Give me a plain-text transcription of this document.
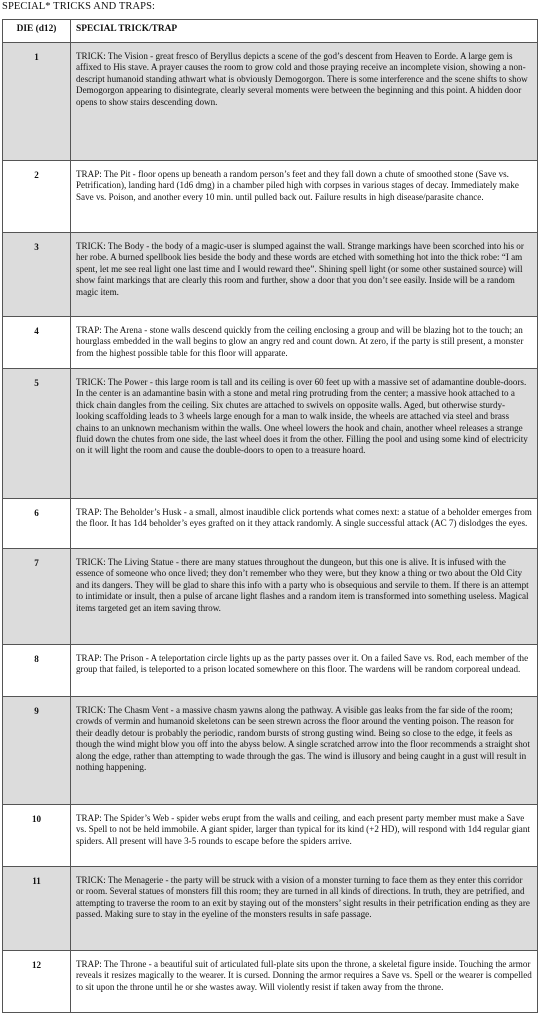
SPECIAL* TRICKS AND TRAPS:
DIE (d12)	SPECIAL TRICK/TRAP
1	TRICK: The Vision - great fresco of Beryllus depicts a scene of the god’s descent from Heaven to Eorde. A large gem is affixed to His stave. A prayer causes the room to grow cold and those praying receive an incomplete vision, showing a non-descript humanoid standing athwart what is obviously Demogorgon. There is some interference and the scene shifts to show Demogorgon appearing to disintegrate, clearly several moments were between the beginning and this point. A hidden door opens to show stairs descending down.
2	TRAP: The Pit - floor opens up beneath a random person’s feet and they fall down a chute of smoothed stone (Save vs. Petrification), landing hard (1d6 dmg) in a chamber piled high with corpses in various stages of decay. Immediately make Save vs. Poison, and another every 10 min. until pulled back out. Failure results in high disease/parasite chance.
3	TRICK: The Body - the body of a magic-user is slumped against the wall. Strange markings have been scorched into his or her robe. A burned spellbook lies beside the body and these words are etched with something hot into the thick robe: “I am spent, let me see real light one last time and I would reward thee”. Shining spell light (or some other sustained source) will show faint markings that are clearly this room and further, show a door that you don’t see easily. Inside will be a random magic item.
4	TRAP: The Arena - stone walls descend quickly from the ceiling enclosing a group and will be blazing hot to the touch; an hourglass embedded in the wall begins to glow an angry red and count down. At zero, if the party is still present, a monster from the highest possible table for this floor will apparate.
5	TRICK: The Power - this large room is tall and its ceiling is over 60 feet up with a massive set of adamantine double-doors. In the center is an adamantine basin with a stone and metal ring protruding from the center; a massive hook attached to a thick chain dangles from the ceiling. Six chutes are attached to swivels on opposite walls. Aged, but otherwise sturdy-looking scaffolding leads to 3 wheels large enough for a man to walk inside, the wheels are attached via steel and brass chains to an unknown mechanism within the walls. One wheel lowers the hook and chain, another wheel releases a strange fluid down the chutes from one side, the last wheel does it from the other. Filling the pool and using some kind of electricity on it will light the room and cause the double-doors to open to a treasure hoard.
6	TRAP: The Beholder’s Husk - a small, almost inaudible click portends what comes next: a statue of a beholder emerges from the floor. It has 1d4 beholder’s eyes grafted on it they attack randomly. A single successful attack (AC 7) dislodges the eyes.
7	TRICK: The Living Statue - there are many statues throughout the dungeon, but this one is alive. It is infused with the essence of someone who once lived; they don’t remember who they were, but they know a thing or two about the Old City and its dangers. They will be glad to share this info with a party who is obsequious and servile to them. If there is an attempt to intimidate or insult, then a pulse of arcane light flashes and a random item is transformed into something useless. Magical items targeted get an item saving throw.
8	TRAP: The Prison - A teleportation circle lights up as the party passes over it. On a failed Save vs. Rod, each member of the group that failed, is teleported to a prison located somewhere on this floor. The wardens will be random corporeal undead.
9	TRICK: The Chasm Vent - a massive chasm yawns along the pathway. A visible gas leaks from the far side of the room; crowds of vermin and humanoid skeletons can be seen strewn across the floor around the venting poison. The reason for their deadly detour is probably the periodic, random bursts of strong gusting wind. Being so close to the edge, it feels as though the wind might blow you off into the abyss below. A single scratched arrow into the floor recommends a straight shot along the edge, rather than attempting to wade through the gas. The wind is illusory and being caught in a gust will result in nothing happening.
10	TRAP: The Spider’s Web - spider webs erupt from the walls and ceiling, and each present party member must make a Save vs. Spell to not be held immobile. A giant spider, larger than typical for its kind (+2 HD), will respond with 1d4 regular giant spiders. All present will have 3-5 rounds to escape before the spiders arrive.
11	TRICK: The Menagerie - the party will be struck with a vision of a monster turning to face them as they enter this corridor or room. Several statues of monsters fill this room; they are turned in all kinds of directions. In truth, they are petrified, and attempting to traverse the room to an exit by staying out of the monsters’ sight results in their petrification ending as they are passed. Making sure to stay in the eyeline of the monsters results in safe passage.
12	TRAP: The Throne - a beautiful suit of articulated full-plate sits upon the throne, a skeletal figure inside. Touching the armor reveals it resizes magically to the wearer. It is cursed. Donning the armor requires a Save vs. Spell or the wearer is compelled to sit upon the throne until he or she wastes away. Will violently resist if taken away from the throne.
